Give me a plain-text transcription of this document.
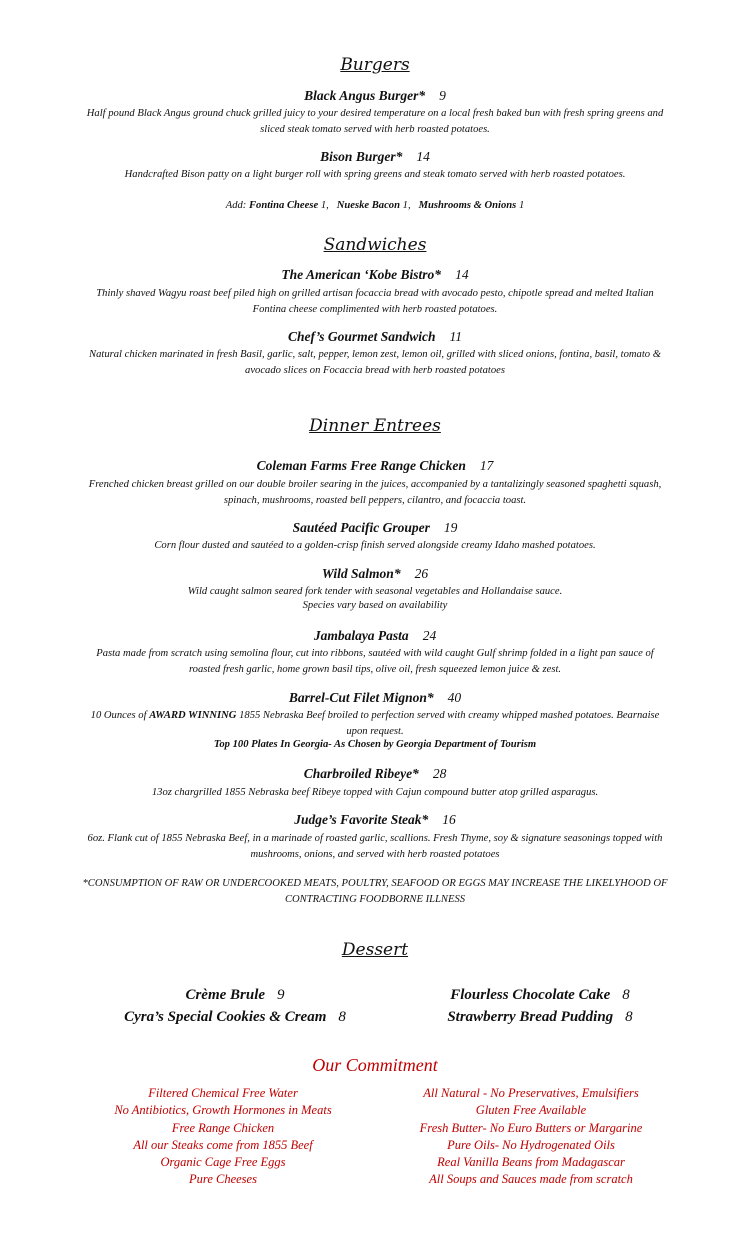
Burgers
Black Angus Burger* 9
Half pound Black Angus ground chuck grilled juicy to your desired temperature on a local fresh baked bun with fresh spring greens and sliced steak tomato served with herb roasted potatoes.
Bison Burger* 14
Handcrafted Bison patty on a light burger roll with spring greens and steak tomato served with herb roasted potatoes.
Add: Fontina Cheese 1, Nueske Bacon 1, Mushrooms & Onions 1
Sandwiches
The American ‘Kobe Bistro* 14
Thinly shaved Wagyu roast beef piled high on grilled artisan focaccia bread with avocado pesto, chipotle spread and melted Italian Fontina cheese complimented with herb roasted potatoes.
Chef’s Gourmet Sandwich 11
Natural chicken marinated in fresh Basil, garlic, salt, pepper, lemon zest, lemon oil, grilled with sliced onions, fontina, basil, tomato & avocado slices on Focaccia bread with herb roasted potatoes
Dinner Entrees
Coleman Farms Free Range Chicken 17
Frenched chicken breast grilled on our double broiler searing in the juices, accompanied by a tantalizingly seasoned spaghetti squash, spinach, mushrooms, roasted bell peppers, cilantro, and focaccia toast.
Sautéed Pacific Grouper 19
Corn flour dusted and sautéed to a golden-crisp finish served alongside creamy Idaho mashed potatoes.
Wild Salmon* 26
Wild caught salmon seared fork tender with seasonal vegetables and Hollandaise sauce.
Species vary based on availability
Jambalaya Pasta 24
Pasta made from scratch using semolina flour, cut into ribbons, sautéed with wild caught Gulf shrimp folded in a light pan sauce of roasted fresh garlic, home grown basil tips, olive oil, fresh squeezed lemon juice & zest.
Barrel-Cut Filet Mignon* 40
10 Ounces of AWARD WINNING 1855 Nebraska Beef broiled to perfection served with creamy whipped mashed potatoes. Bearnaise upon request.
Top 100 Plates In Georgia- As Chosen by Georgia Department of Tourism
Charbroiled Ribeye* 28
13oz chargrilled 1855 Nebraska beef Ribeye topped with Cajun compound butter atop grilled asparagus.
Judge’s Favorite Steak* 16
6oz. Flank cut of 1855 Nebraska Beef, in a marinade of roasted garlic, scallions. Fresh Thyme, soy & signature seasonings topped with mushrooms, onions, and served with herb roasted potatoes
*CONSUMPTION OF RAW OR UNDERCOOKED MEATS, POULTRY, SEAFOOD OR EGGS MAY INCREASE THE LIKELYHOOD OF CONTRACTING FOODBORNE ILLNESS
Dessert
Crème Brule 9
Cyra’s Special Cookies & Cream 8
Flourless Chocolate Cake 8
Strawberry Bread Pudding 8
Our Commitment
Filtered Chemical Free Water
No Antibiotics, Growth Hormones in Meats
Free Range Chicken
All our Steaks come from 1855 Beef
Organic Cage Free Eggs
Pure Cheeses
All Natural - No Preservatives, Emulsifiers
Gluten Free Available
Fresh Butter- No Euro Butters or Margarine
Pure Oils- No Hydrogenated Oils
Real Vanilla Beans from Madagascar
All Soups and Sauces made from scratch
